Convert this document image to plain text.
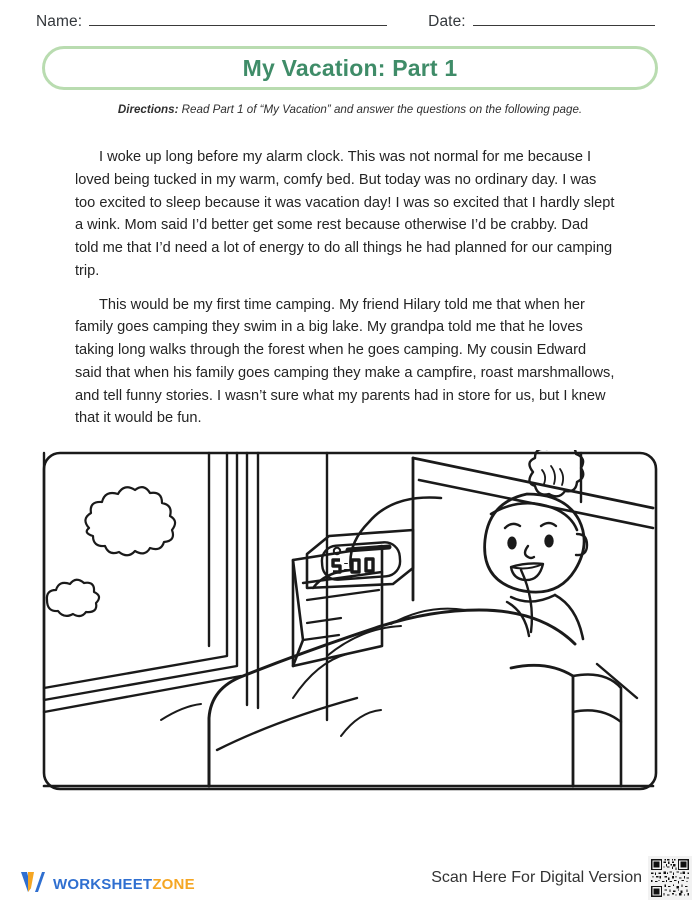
Name:	Date:
My Vacation: Part 1
Directions: Read Part 1 of “My Vacation” and answer the questions on the following page.

I woke up long before my alarm clock. This was not normal for me because I loved being tucked in my warm, comfy bed. But today was no ordinary day. I was too excited to sleep because it was vacation day! I was so excited that I hardly slept a wink. Mom said I’d better get some rest because otherwise I’d be crabby. Dad told me that I’d need a lot of energy to do all things he had planned for our camping trip.

This would be my first time camping. My friend Hilary told me that when her family goes camping they swim in a big lake. My grandpa told me that he loves taking long walks through the forest when he goes camping. My cousin Edward said that when his family goes camping they make a campfire, roast marshmallows, and tell funny stories. I wasn’t sure what my parents had in store for us, but I knew that it would be fun.

WORKSHEETZONE	Scan Here For Digital Version
